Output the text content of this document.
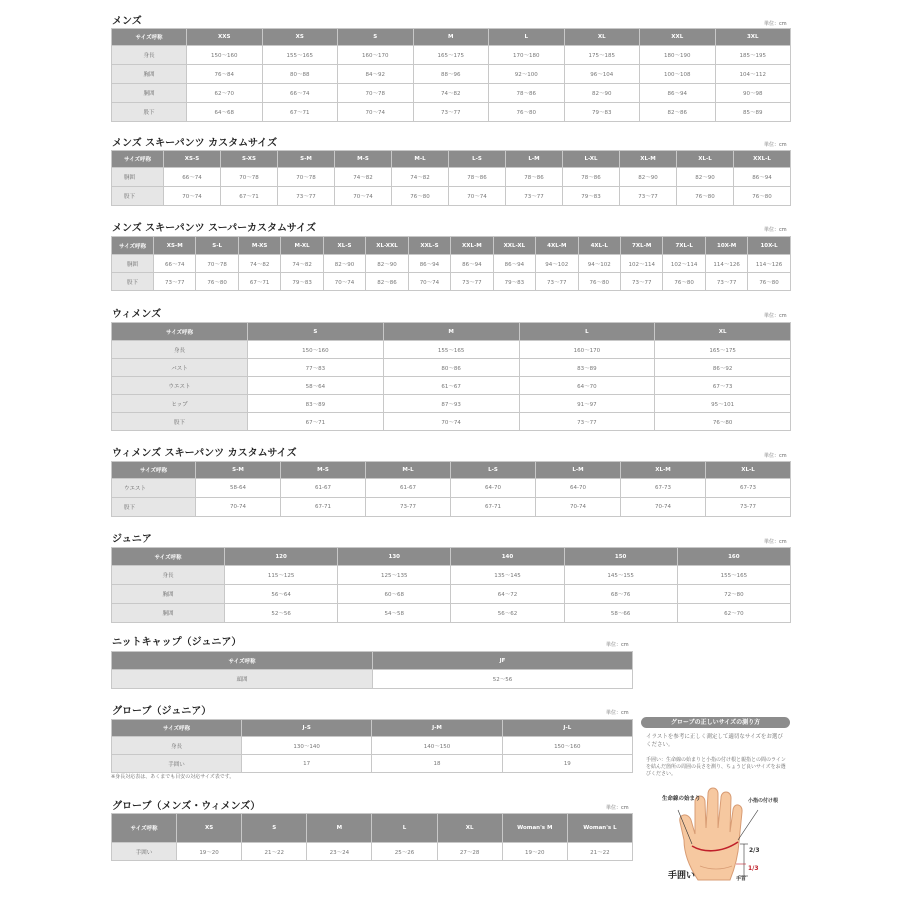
メンズ	単位：cm
サイズ呼称	XXS	XS	S	M	L	XL	XXL	3XL
身長	150～160	155～165	160～170	165～175	170～180	175～185	180～190	185～195
胸囲	76～84	80～88	84～92	88～96	92～100	96～104	100～108	104～112
胴囲	62～70	66～74	70～78	74～82	78～86	82～90	86～94	90～98
股下	64～68	67～71	70～74	73～77	76～80	79～83	82～86	85～89
メンズ スキーパンツ カスタムサイズ	単位：cm
サイズ呼称	XS-S	S-XS	S-M	M-S	M-L	L-S	L-M	L-XL	XL-M	XL-L	XXL-L
胴囲	66～74	70～78	70～78	74～82	74～82	78～86	78～86	78～86	82～90	82～90	86～94
股下	70～74	67～71	73～77	70～74	76～80	70～74	73～77	79～83	73～77	76～80	76～80
メンズ スキーパンツ スーパーカスタムサイズ	単位：cm
サイズ呼称	XS-M	S-L	M-XS	M-XL	XL-S	XL-XXL	XXL-S	XXL-M	XXL-XL	4XL-M	4XL-L	7XL-M	7XL-L	10X-M	10X-L
胴囲	66～74	70～78	74～82	74～82	82～90	82～90	86～94	86～94	86～94	94～102	94～102	102～114	102～114	114～126	114～126
股下	73～77	76～80	67～71	79～83	70～74	82～86	70～74	73～77	79～83	73～77	76～80	73～77	76～80	73～77	76～80
ウィメンズ	単位：cm
サイズ呼称	S	M	L	XL
身長	150～160	155～165	160～170	165～175
バスト	77～83	80～86	83～89	86～92
ウエスト	58～64	61～67	64～70	67～73
ヒップ	83～89	87～93	91～97	95～101
股下	67～71	70～74	73～77	76～80
ウィメンズ スキーパンツ カスタムサイズ	単位：cm
サイズ呼称	S-M	M-S	M-L	L-S	L-M	XL-M	XL-L
ウエスト	58-64	61-67	61-67	64-70	64-70	67-73	67-73
股下	70-74	67-71	73-77	67-71	70-74	70-74	73-77
ジュニア	単位：cm
サイズ呼称	120	130	140	150	160
身長	115～125	125～135	135～145	145～155	155～165
胸囲	56～64	60～68	64～72	68～76	72～80
胴囲	52～56	54～58	56～62	58～66	62～70
ニットキャップ（ジュニア）	単位：cm
サイズ呼称	JF
頭囲	52～56
グローブ（ジュニア）	単位：cm
サイズ呼称	J-S	J-M	J-L
身長	130～140	140～150	150～160
手囲い	17	18	19
※身長対応表は、あくまでも目安の対応サイズ表です。
グローブ（メンズ・ウィメンズ）	単位：cm
サイズ呼称	XS	S	M	L	XL	Woman's M	Woman's L
手囲い	19～20	21～22	23～24	25～26	27～28	19～20	21～22
グローブの正しいサイズの測り方
イラストを参考に正しく測定して適切なサイズをお選びください。
手囲い：生命線の始まりと小指の付け根と親指との間のラインを結んだ箇所の周囲の長さを測り、ちょうど良いサイズをお選びください。
生命線の始まり	小指の付け根
2/3
1/3
手首
手囲い
